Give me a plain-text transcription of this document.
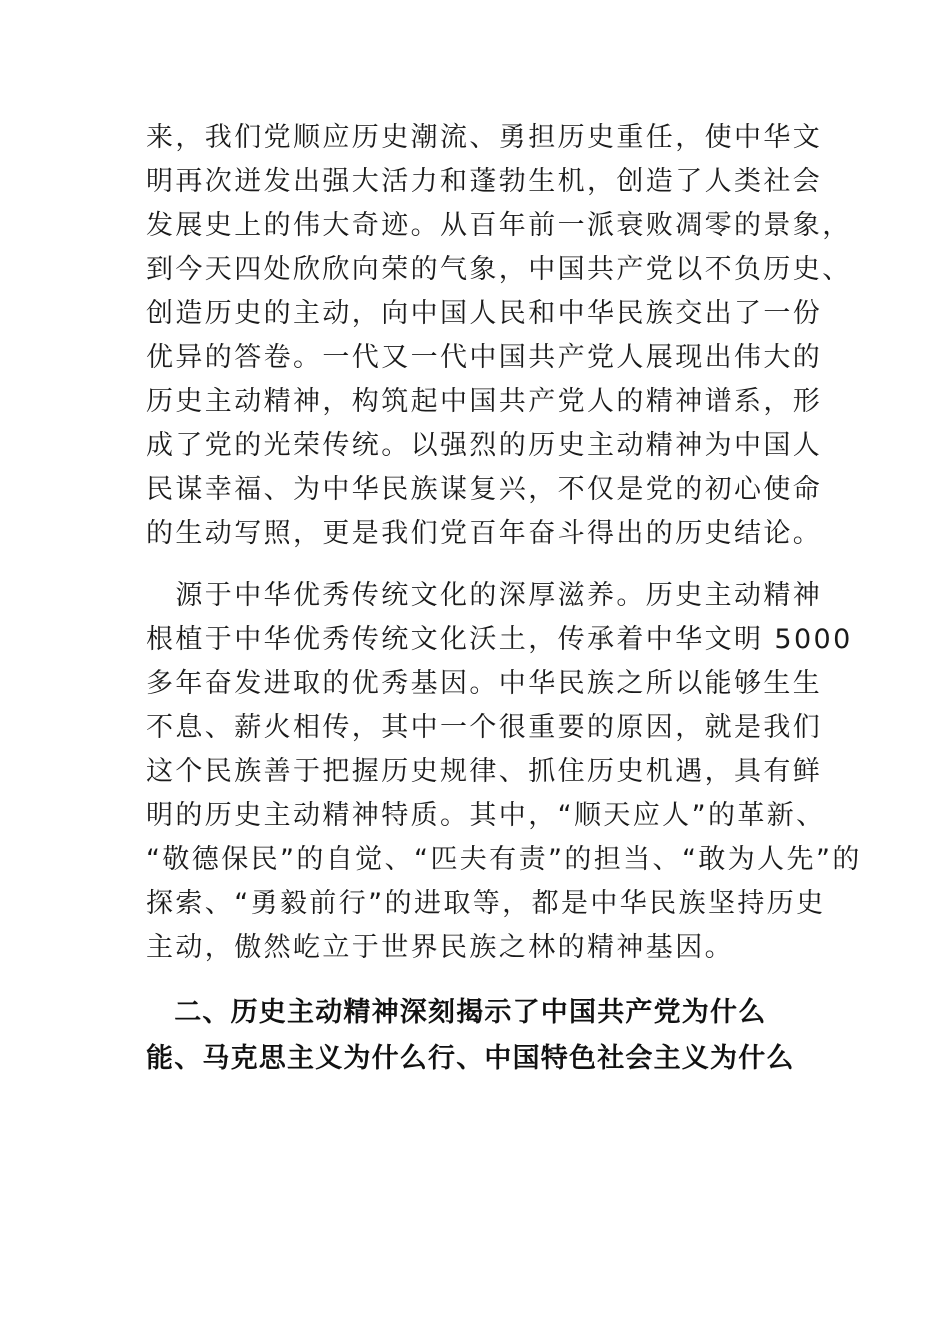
来，我们党顺应历史潮流、勇担历史重任，使中华文
明再次迸发出强大活力和蓬勃生机，创造了人类社会
发展史上的伟大奇迹。从百年前一派衰败凋零的景象，
到今天四处欣欣向荣的气象，中国共产党以不负历史、
创造历史的主动，向中国人民和中华民族交出了一份
优异的答卷。一代又一代中国共产党人展现出伟大的
历史主动精神，构筑起中国共产党人的精神谱系，形
成了党的光荣传统。以强烈的历史主动精神为中国人
民谋幸福、为中华民族谋复兴，不仅是党的初心使命
的生动写照，更是我们党百年奋斗得出的历史结论。

　源于中华优秀传统文化的深厚滋养。历史主动精神
根植于中华优秀传统文化沃土，传承着中华文明 5000
多年奋发进取的优秀基因。中华民族之所以能够生生
不息、薪火相传，其中一个很重要的原因，就是我们
这个民族善于把握历史规律、抓住历史机遇，具有鲜
明的历史主动精神特质。其中，“顺天应人”的革新、
“敬德保民”的自觉、“匹夫有责”的担当、“敢为人先”的
探索、“勇毅前行”的进取等，都是中华民族坚持历史
主动，傲然屹立于世界民族之林的精神基因。

　二、历史主动精神深刻揭示了中国共产党为什么
能、马克思主义为什么行、中国特色社会主义为什么
